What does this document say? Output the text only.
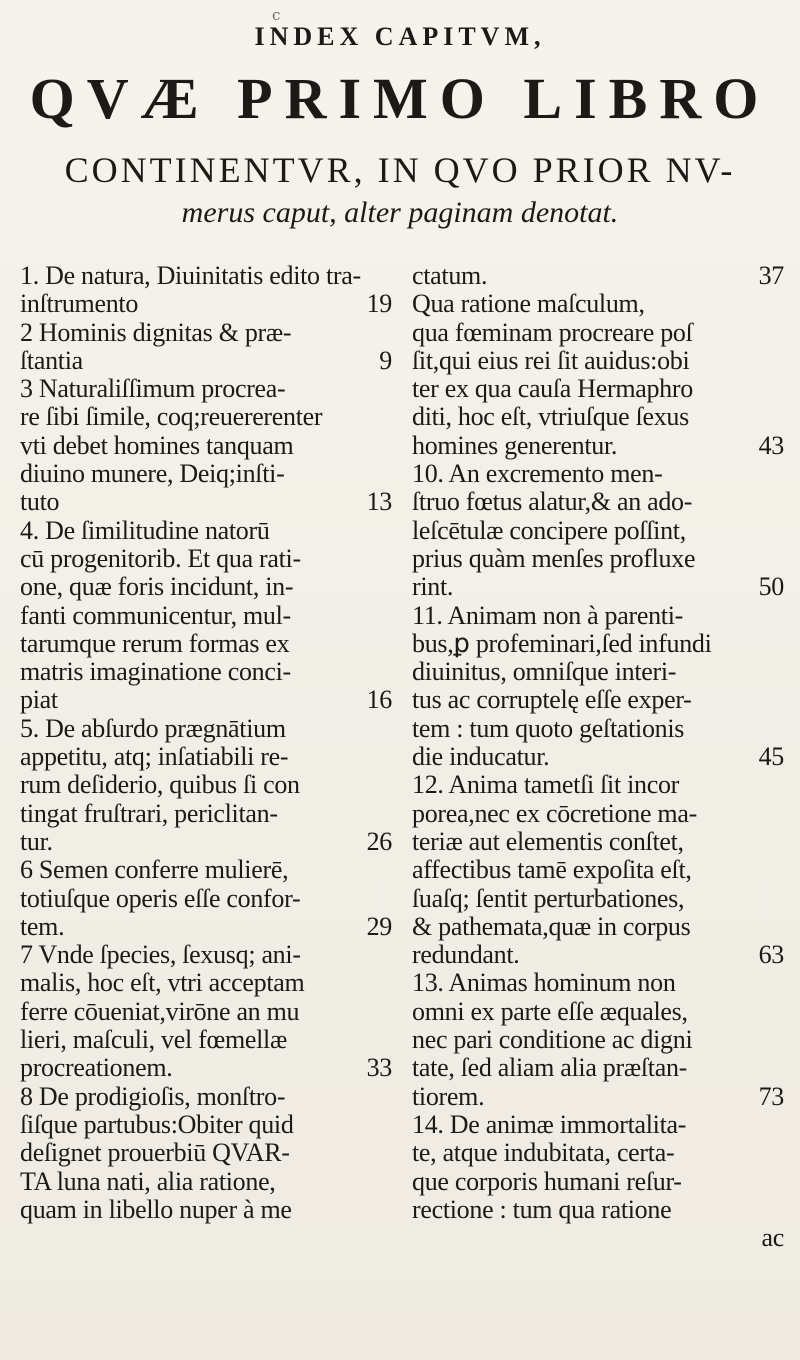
c
INDEX CAPITVM,
QVÆ PRIMO LIBRO
CONTINENTVR, IN QVO PRIOR NV-
merus caput, alter paginam denotat.
1. De natura, Diuinitatis edito tra-
inſtrumento	19
2 Hominis dignitas & præ-
ſtantia	9
3 Naturaliſſimum procrea-
re ſibi ſimile, coq;reuererenter
vti debet homines tanquam
diuino munere, Deiq;inſti-
tuto	13
4. De ſimilitudine natorū
cū progenitorib. Et qua rati-
one, quæ foris incidunt, in-
fanti communicentur, mul-
tarumque rerum formas ex
matris imaginatione conci-
piat	16
5. De abſurdo prægnātium
appetitu, atq; inſatiabili re-
rum deſiderio, quibus ſi con
tingat fruſtrari, periclitan-
tur.	26
6 Semen conferre mulierē,
totiuſque operis eſſe confor-
tem.	29
7 Vnde ſpecies, ſexusq; ani-
malis, hoc eſt, vtri acceptam
ferre cōueniat,virōne an mu
lieri, maſculi, vel fœmellæ
procreationem.	33
8 De prodigioſis, monſtro-
ſiſque partubus:Obiter quid
deſignet prouerbiū QVAR-
TA luna nati, alia ratione,
quam in libello nuper à me
ctatum.	37
Qua ratione maſculum,
qua fœminam procreare poſ
ſit,qui eius rei ſit auidus:obi
ter ex qua cauſa Hermaphro
diti, hoc eſt, vtriuſque ſexus
homines generentur.	43
10. An excremento men-
ſtruo fœtus alatur,& an ado-
leſcētulæ concipere poſſint,
prius quàm menſes profluxe
rint.	50
11. Animam non à parenti-
bus,ꝑ profeminari,ſed infundi
diuinitus, omniſque interi-
tus ac corruptelę eſſe exper-
tem : tum quoto geſtationis
die inducatur.	45
12. Anima tametſi ſit incor
porea,nec ex cōcretione ma-
teriæ aut elementis conſtet,
affectibus tamē expoſita eſt,
ſuaſq; ſentit perturbationes,
& pathemata,quæ in corpus
redundant.	63
13. Animas hominum non
omni ex parte eſſe æquales,
nec pari conditione ac digni
tate, ſed aliam alia præſtan-
tiorem.	73
14. De animæ immortalita-
te, atque indubitata, certa-
que corporis humani reſur-
rectione : tum qua ratione
ac
